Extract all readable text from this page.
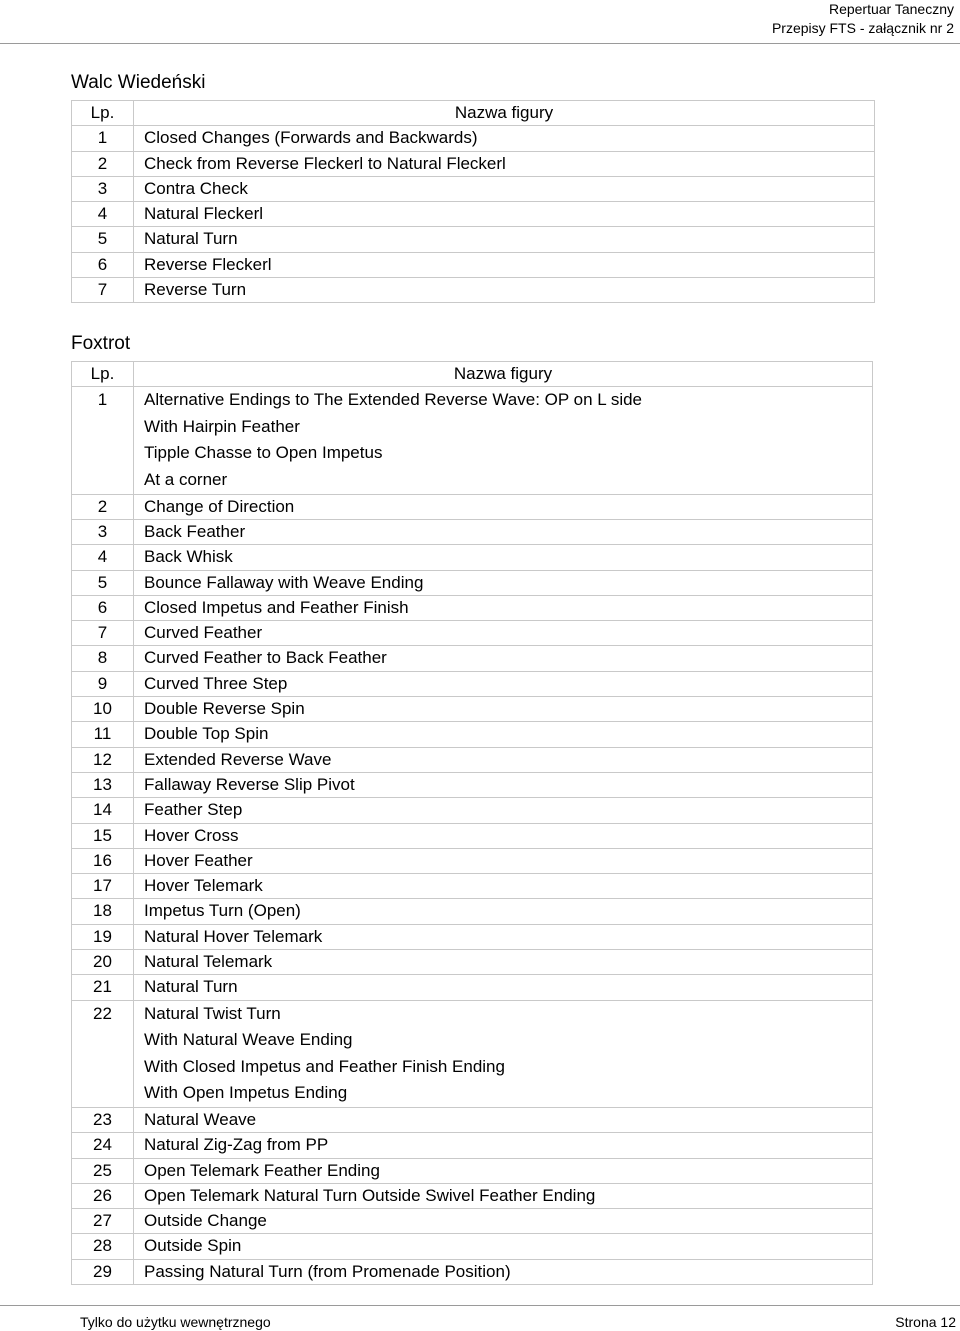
Repertuar Taneczny
Przepisy FTS - załącznik nr 2
Walc Wiedeński
Lp.	Nazwa figury
1	Closed Changes (Forwards and Backwards)

2	Check from Reverse Fleckerl to Natural Fleckerl

3	Contra Check

4	Natural Fleckerl

5	Natural Turn

6	Reverse Fleckerl

7	Reverse Turn
Foxtrot
Lp.	Nazwa figury
1	Alternative Endings to The Extended Reverse Wave: OP on L side
With Hairpin Feather
Tipple Chasse to Open Impetus
At a corner

2	Change of Direction

3	Back Feather

4	Back Whisk

5	Bounce Fallaway with Weave Ending

6	Closed Impetus and Feather Finish

7	Curved Feather

8	Curved Feather to Back Feather

9	Curved Three Step

10	Double Reverse Spin

11	Double Top Spin

12	Extended Reverse Wave

13	Fallaway Reverse Slip Pivot

14	Feather Step

15	Hover Cross

16	Hover Feather

17	Hover Telemark

18	Impetus Turn (Open)

19	Natural Hover Telemark

20	Natural Telemark

21	Natural Turn

22	Natural Twist Turn
With Natural Weave Ending
With Closed Impetus and Feather Finish Ending
With Open Impetus Ending

23	Natural Weave

24	Natural Zig-Zag from PP

25	Open Telemark Feather Ending

26	Open Telemark Natural Turn Outside Swivel Feather Ending

27	Outside Change

28	Outside Spin

29	Passing Natural Turn (from Promenade Position)
Tylko do użytku wewnętrznego	Strona 12
